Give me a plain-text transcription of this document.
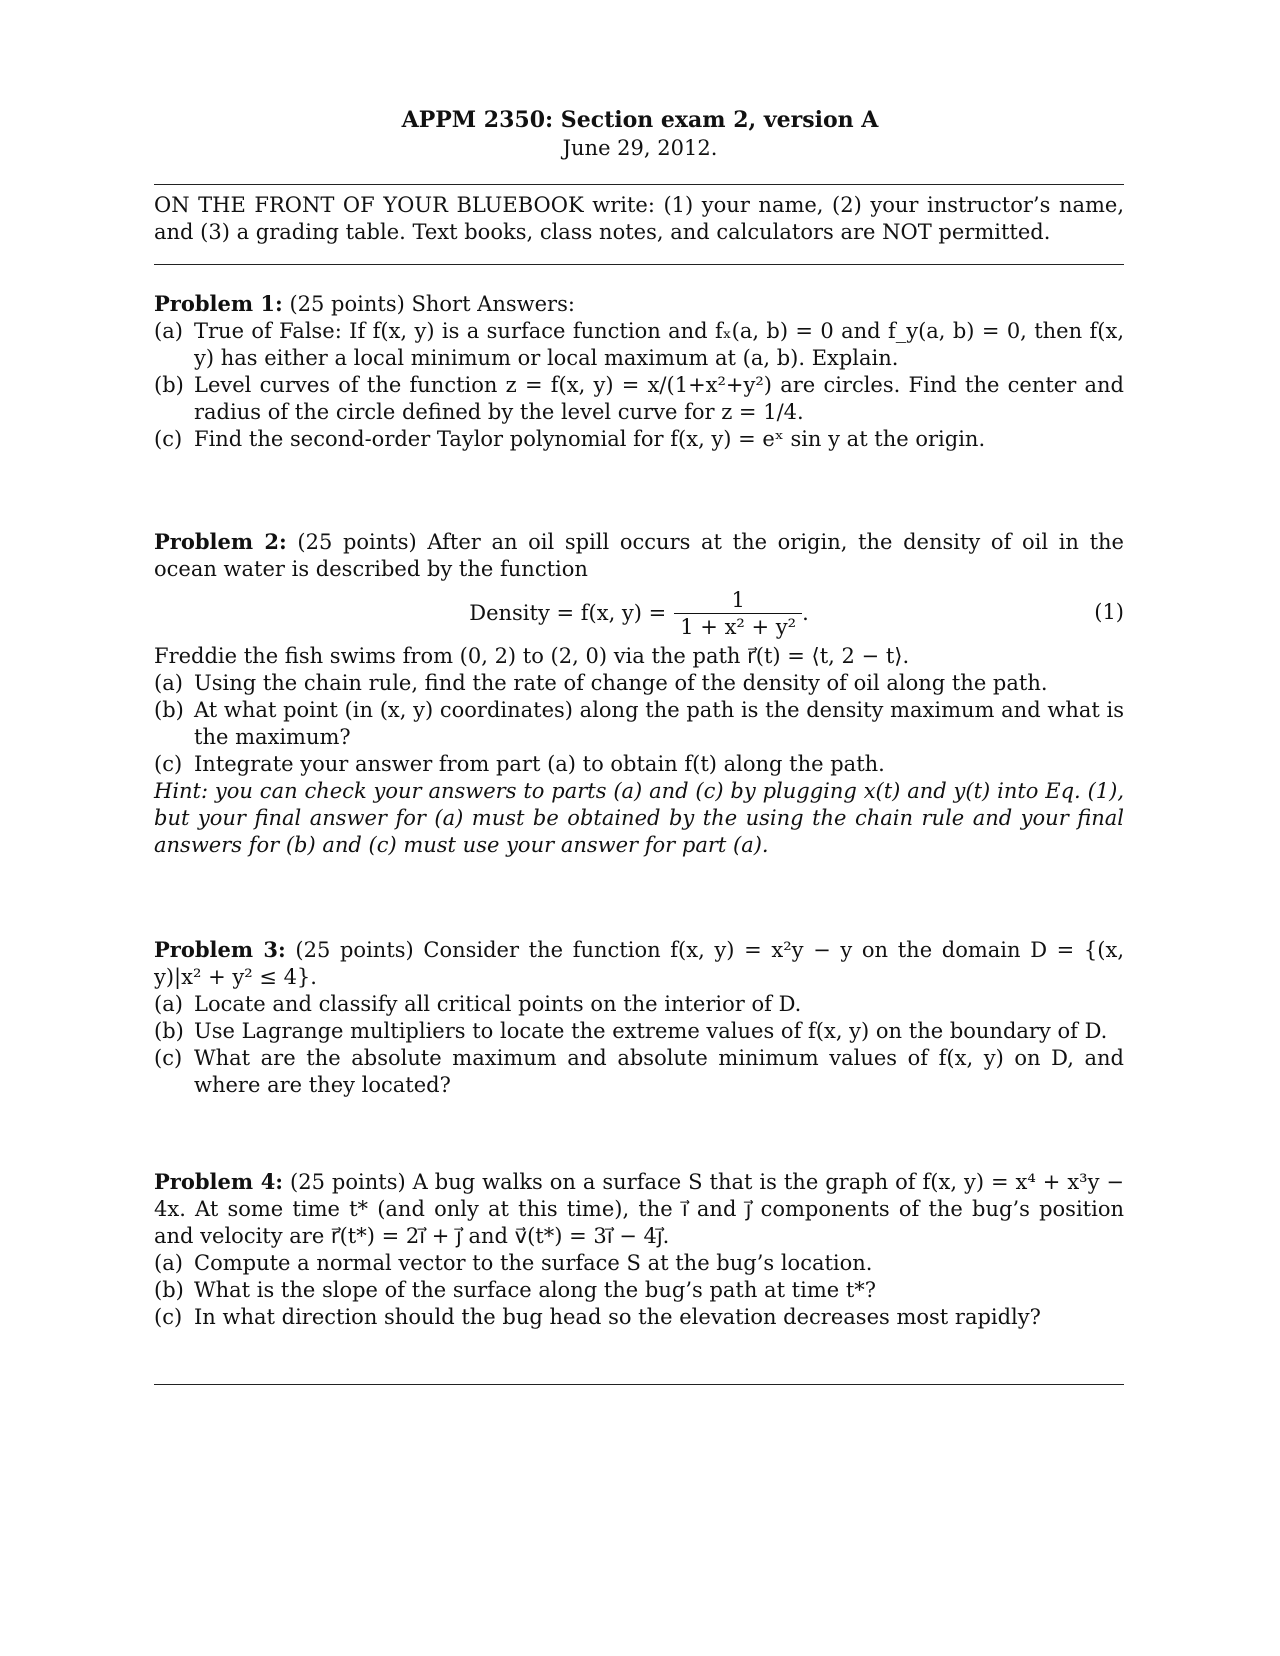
APPM 2350: Section exam 2, version A
June 29, 2012.
ON THE FRONT OF YOUR BLUEBOOK write: (1) your name, (2) your instructor’s name, and (3) a grading table. Text books, class notes, and calculators are NOT permitted.
Problem 1: (25 points) Short Answers:
(a) True of False: If f(x, y) is a surface function and fₓ(a, b) = 0 and f_y(a, b) = 0, then f(x, y) has either a local minimum or local maximum at (a, b). Explain.
(b) Level curves of the function z = f(x, y) = x/(1+x²+y²) are circles. Find the center and radius of the circle defined by the level curve for z = 1/4.
(c) Find the second-order Taylor polynomial for f(x, y) = eˣ sin y at the origin.
Problem 2: (25 points) After an oil spill occurs at the origin, the density of oil in the ocean water is described by the function
Density = f(x, $y) = \frac{1}{\text{1 + x² + y²}}$ .	(1)
Freddie the fish swims from (0, 2) to (2, 0) via the path r⃗(t) = ⟨t, 2 − t⟩.
(a) Using the chain rule, find the rate of change of the density of oil along the path.
(b) At what point (in (x, y) coordinates) along the path is the density maximum and what is the maximum?
(c) Integrate your answer from part (a) to obtain f(t) along the path.
Hint: you can check your answers to parts (a) and (c) by plugging x(t) and y(t) into Eq. (1), but your final answer for (a) must be obtained by the using the chain rule and your final answers for (b) and (c) must use your answer for part (a).
Problem 3: (25 points) Consider the function f(x, y) = x²y − y on the domain D = {(x, y)|x² + y² ≤ 4}.
(a) Locate and classify all critical points on the interior of D.
(b) Use Lagrange multipliers to locate the extreme values of f(x, y) on the boundary of D.
(c) What are the absolute maximum and absolute minimum values of f(x, y) on D, and where are they located?
Problem 4: (25 points) A bug walks on a surface S that is the graph of f(x, y) = x⁴ + x³y − 4x. At some time t* (and only at this time), the i⃗ and j⃗ components of the bug’s position and velocity are r⃗(t*) = 2i⃗ + j⃗ and v⃗(t*) = 3i⃗ − 4j⃗.
(a) Compute a normal vector to the surface S at the bug’s location.
(b) What is the slope of the surface along the bug’s path at time t*?
(c) In what direction should the bug head so the elevation decreases most rapidly?
